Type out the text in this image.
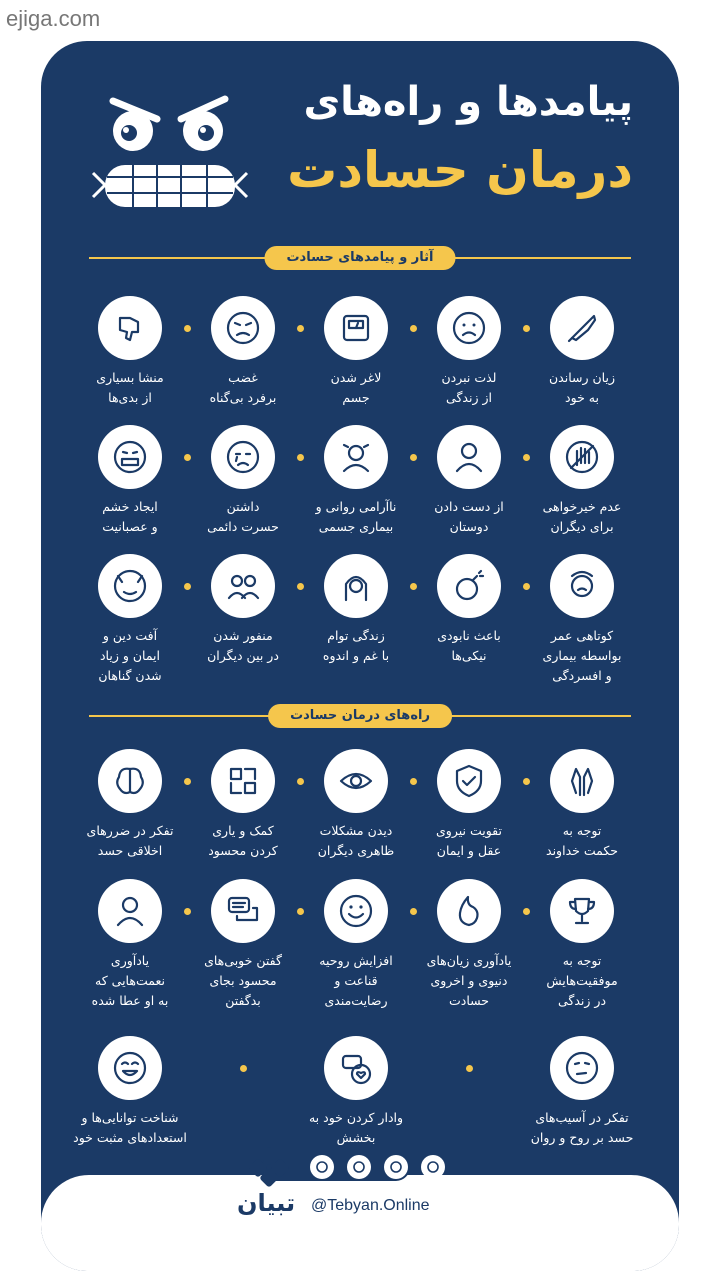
ejiga.com
پیامدها و راه‌های
درمان حسادت
آثار و پیامدهای حسادت
راه‌های درمان حسادت
زیان رساندن
به خود
لذت نبردن
از زندگی
لاغر شدن
جسم
غضب
برفرد بی‌گناه
منشا بسیاری
از بدی‌ها
عدم خیرخواهی
برای دیگران
از دست دادن
دوستان
ناآرامی روانی و
بیماری جسمی
داشتن
حسرت دائمی
ایجاد خشم
و عصبانیت
کوتاهی عمر
بواسطه بیماری
و افسردگی
باعث نابودی
نیکی‌ها
زندگی توام
با غم و اندوه
منفور شدن
در بین دیگران
آفت دین و
ایمان و زیاد
شدن گناهان
توجه به
حکمت خداوند
تقویت نیروی
عقل و ایمان
دیدن مشکلات
ظاهری دیگران
کمک و یاری
کردن محسود
تفکر در ضررهای
اخلاقی حسد
توجه به
موفقیت‌هایش
در زندگی
یادآوری زیان‌های
دنیوی و اخروی
حسادت
افزایش روحیه
قناعت و
رضایت‌مندی
گفتن خوبی‌های
محسود بجای
بدگفتن
یادآوری
نعمت‌هایی که
به او عطا شده
تفکر در آسیب‌های
حسد بر روح و روان
وادار کردن خود به بخشش

شناخت توانایی‌ها و
استعدادهای مثبت خود
تبیان @Tebyan.Online
